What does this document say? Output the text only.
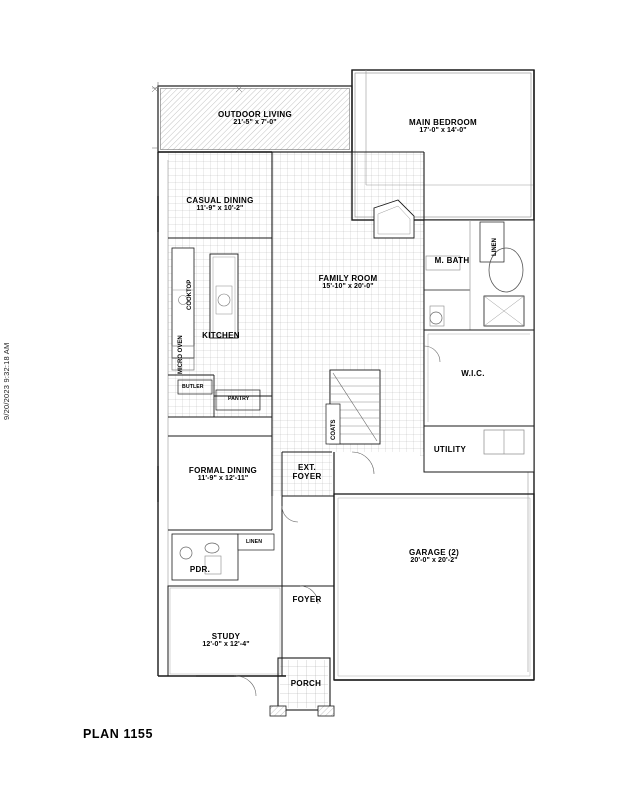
9/20/2023 9:32:18 AM
OUTDOOR LIVING
21'-5" x 7'-0"	MAIN BEDROOM
17'-0" x 14'-0"
CASUAL DINING
11'-9" x 10'-2"
FAMILY ROOM
15'-10" x 20'-0"
M. BATH
KITCHEN
W.I.C.
UTILITY
FORMAL DINING
11'-9" x 12'-11"
EXT.
FOYER
GARAGE (2)
20'-0" x 20'-2"
PDR.
FOYER
STUDY
12'-0" x 12'-4"
PORCH
LINEN
LINEN
COOKTOP
MICRO OVEN
BUTLER
PANTRY
COATS
PLAN 1155
